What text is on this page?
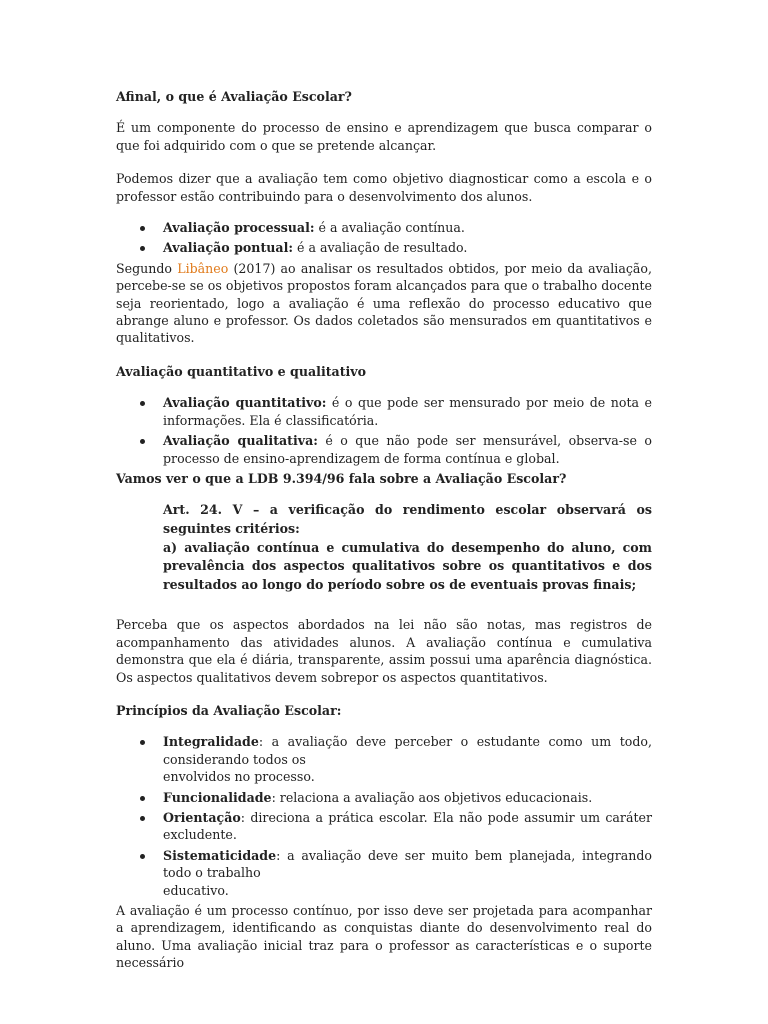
Afinal, o que é Avaliação Escolar?

É um componente do processo de ensino e aprendizagem que busca comparar o que foi adquirido com o que se pretende alcançar.

Podemos dizer que a avaliação tem como objetivo diagnosticar como a escola e o professor estão contribuindo para o desenvolvimento dos alunos.

Avaliação processual: é a avaliação contínua.
Avaliação pontual: é a avaliação de resultado.

Segundo Libâneo (2017) ao analisar os resultados obtidos, por meio da avaliação, percebe-se se os objetivos propostos foram alcançados para que o trabalho docente seja reorientado, logo a avaliação é uma reflexão do processo educativo que abrange aluno e professor. Os dados coletados são mensurados em quantitativos e qualitativos.

Avaliação quantitativo e qualitativo
Avaliação quantitativo: é o que pode ser mensurado por meio de nota e informações. Ela é classificatória.
Avaliação qualitativa: é o que não pode ser mensurável, observa-se o processo de ensino-aprendizagem de forma contínua e global.
Vamos ver o que a LDB 9.394/96 fala sobre a Avaliação Escolar?
Art. 24. V – a verificação do rendimento escolar observará os seguintes critérios:
a) avaliação contínua e cumulativa do desempenho do aluno, com prevalência dos aspectos qualitativos sobre os quantitativos e dos resultados ao longo do período sobre os de eventuais provas finais;

Perceba que os aspectos abordados na lei não são notas, mas registros de acompanhamento das atividades alunos. A avaliação contínua e cumulativa demonstra que ela é diária, transparente, assim possui uma aparência diagnóstica. Os aspectos qualitativos devem sobrepor os aspectos quantitativos.

Princípios da Avaliação Escolar:
Integralidade: a avaliação deve perceber o estudante como um todo, considerando todos os
envolvidos no processo.
Funcionalidade: relaciona a avaliação aos objetivos educacionais.
Orientação: direciona a prática escolar. Ela não pode assumir um caráter excludente.
Sistematicidade: a avaliação deve ser muito bem planejada, integrando todo o trabalho
educativo.

A avaliação é um processo contínuo, por isso deve ser projetada para acompanhar a aprendizagem, identificando as conquistas diante do desenvolvimento real do aluno. Uma avaliação inicial traz para o professor as características e o suporte necessário
